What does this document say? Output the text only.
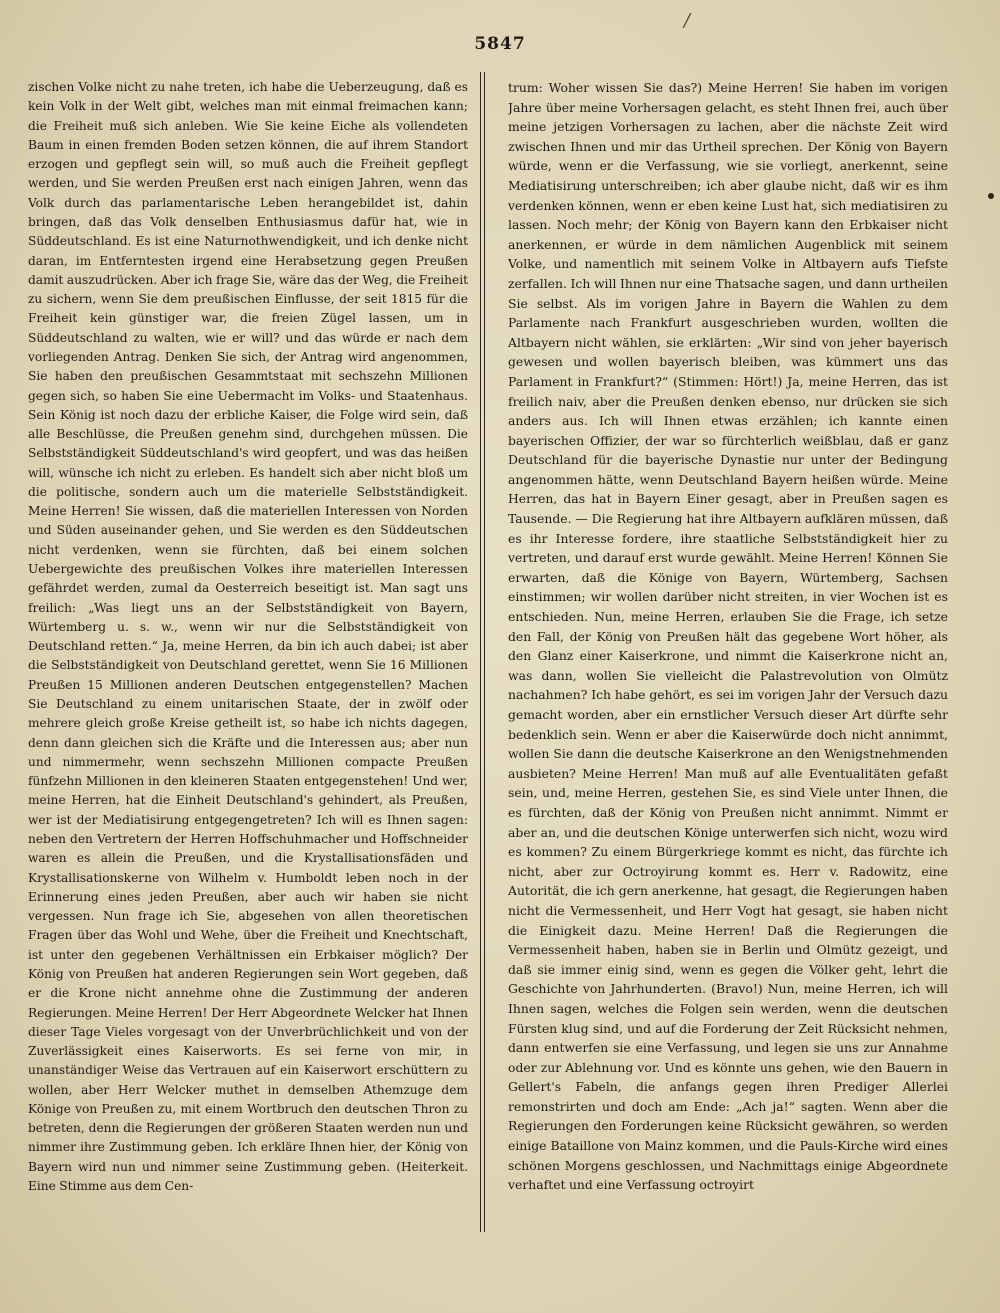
/
5847

zischen Volke nicht zu nahe treten, ich habe die Ueberzeugung, daß es kein Volk in der Welt gibt, welches man mit einmal freimachen kann; die Freiheit muß sich anleben. Wie Sie keine Eiche als vollendeten Baum in einen fremden Boden setzen können, die auf ihrem Standort erzogen und gepflegt sein will, so muß auch die Freiheit gepflegt werden, und Sie werden Preußen erst nach einigen Jahren, wenn das Volk durch das parlamentarische Leben herangebildet ist, dahin bringen, daß das Volk denselben Enthusiasmus dafür hat, wie in Süddeutschland. Es ist eine Naturnothwendigkeit, und ich denke nicht daran, im Entferntesten irgend eine Herabsetzung gegen Preußen damit auszudrücken. Aber ich frage Sie, wäre das der Weg, die Freiheit zu sichern, wenn Sie dem preußischen Einflusse, der seit 1815 für die Freiheit kein günstiger war, die freien Zügel lassen, um in Süddeutschland zu walten, wie er will? und das würde er nach dem vorliegenden Antrag. Denken Sie sich, der Antrag wird angenommen, Sie haben den preußischen Gesammtstaat mit sechszehn Millionen gegen sich, so haben Sie eine Uebermacht im Volks- und Staatenhaus. Sein König ist noch dazu der erbliche Kaiser, die Folge wird sein, daß alle Beschlüsse, die Preußen genehm sind, durchgehen müssen. Die Selbstständigkeit Süddeutschland's wird geopfert, und was das heißen will, wünsche ich nicht zu erleben. Es handelt sich aber nicht bloß um die politische, sondern auch um die materielle Selbstständigkeit. Meine Herren! Sie wissen, daß die materiellen Interessen von Norden und Süden auseinander gehen, und Sie werden es den Süddeutschen nicht verdenken, wenn sie fürchten, daß bei einem solchen Uebergewichte des preußischen Volkes ihre materiellen Interessen gefährdet werden, zumal da Oesterreich beseitigt ist. Man sagt uns freilich: „Was liegt uns an der Selbstständigkeit von Bayern, Würtemberg u. s. w., wenn wir nur die Selbstständigkeit von Deutschland retten.“ Ja, meine Herren, da bin ich auch dabei; ist aber die Selbstständigkeit von Deutschland gerettet, wenn Sie 16 Millionen Preußen 15 Millionen anderen Deutschen entgegenstellen? Machen Sie Deutschland zu einem unitarischen Staate, der in zwölf oder mehrere gleich große Kreise getheilt ist, so habe ich nichts dagegen, denn dann gleichen sich die Kräfte und die Interessen aus; aber nun und nimmermehr, wenn sechszehn Millionen compacte Preußen fünfzehn Millionen in den kleineren Staaten entgegenstehen! Und wer, meine Herren, hat die Einheit Deutschland's gehindert, als Preußen, wer ist der Mediatisirung entgegengetreten? Ich will es Ihnen sagen: neben den Vertretern der Herren Hoffschuhmacher und Hoffschneider waren es allein die Preußen, und die Krystallisationsfäden und Krystallisationskerne von Wilhelm v. Humboldt leben noch in der Erinnerung eines jeden Preußen, aber auch wir haben sie nicht vergessen. Nun frage ich Sie, abgesehen von allen theoretischen Fragen über das Wohl und Wehe, über die Freiheit und Knechtschaft, ist unter den gegebenen Verhältnissen ein Erbkaiser möglich? Der König von Preußen hat anderen Regierungen sein Wort gegeben, daß er die Krone nicht annehme ohne die Zustimmung der anderen Regierungen. Meine Herren! Der Herr Abgeordnete Welcker hat Ihnen dieser Tage Vieles vorgesagt von der Unverbrüchlichkeit und von der Zuverlässigkeit eines Kaiserworts. Es sei ferne von mir, in unanständiger Weise das Vertrauen auf ein Kaiserwort erschüttern zu wollen, aber Herr Welcker muthet in demselben Athemzuge dem Könige von Preußen zu, mit einem Wortbruch den deutschen Thron zu betreten, denn die Regierungen der größeren Staaten werden nun und nimmer ihre Zustimmung geben. Ich erkläre Ihnen hier, der König von Bayern wird nun und nimmer seine Zustimmung geben. (Heiterkeit. Eine Stimme aus dem Cen-

trum: Woher wissen Sie das?) Meine Herren! Sie haben im vorigen Jahre über meine Vorhersagen gelacht, es steht Ihnen frei, auch über meine jetzigen Vorhersagen zu lachen, aber die nächste Zeit wird zwischen Ihnen und mir das Urtheil sprechen. Der König von Bayern würde, wenn er die Verfassung, wie sie vorliegt, anerkennt, seine Mediatisirung unterschreiben; ich aber glaube nicht, daß wir es ihm verdenken können, wenn er eben keine Lust hat, sich mediatisiren zu lassen. Noch mehr; der König von Bayern kann den Erbkaiser nicht anerkennen, er würde in dem nämlichen Augenblick mit seinem Volke, und namentlich mit seinem Volke in Altbayern aufs Tiefste zerfallen. Ich will Ihnen nur eine Thatsache sagen, und dann urtheilen Sie selbst. Als im vorigen Jahre in Bayern die Wahlen zu dem Parlamente nach Frankfurt ausgeschrieben wurden, wollten die Altbayern nicht wählen, sie erklärten: „Wir sind von jeher bayerisch gewesen und wollen bayerisch bleiben, was kümmert uns das Parlament in Frankfurt?“ (Stimmen: Hört!) Ja, meine Herren, das ist freilich naiv, aber die Preußen denken ebenso, nur drücken sie sich anders aus. Ich will Ihnen etwas erzählen; ich kannte einen bayerischen Offizier, der war so fürchterlich weißblau, daß er ganz Deutschland für die bayerische Dynastie nur unter der Bedingung angenommen hätte, wenn Deutschland Bayern heißen würde. Meine Herren, das hat in Bayern Einer gesagt, aber in Preußen sagen es Tausende. — Die Regierung hat ihre Altbayern aufklären müssen, daß es ihr Interesse fordere, ihre staatliche Selbstständigkeit hier zu vertreten, und darauf erst wurde gewählt. Meine Herren! Können Sie erwarten, daß die Könige von Bayern, Würtemberg, Sachsen einstimmen; wir wollen darüber nicht streiten, in vier Wochen ist es entschieden. Nun, meine Herren, erlauben Sie die Frage, ich setze den Fall, der König von Preußen hält das gegebene Wort höher, als den Glanz einer Kaiserkrone, und nimmt die Kaiserkrone nicht an, was dann, wollen Sie vielleicht die Palastrevolution von Olmütz nachahmen? Ich habe gehört, es sei im vorigen Jahr der Versuch dazu gemacht worden, aber ein ernstlicher Versuch dieser Art dürfte sehr bedenklich sein. Wenn er aber die Kaiserwürde doch nicht annimmt, wollen Sie dann die deutsche Kaiserkrone an den Wenigstnehmenden ausbieten? Meine Herren! Man muß auf alle Eventualitäten gefaßt sein, und, meine Herren, gestehen Sie, es sind Viele unter Ihnen, die es fürchten, daß der König von Preußen nicht annimmt. Nimmt er aber an, und die deutschen Könige unterwerfen sich nicht, wozu wird es kommen? Zu einem Bürgerkriege kommt es nicht, das fürchte ich nicht, aber zur Octroyirung kommt es. Herr v. Radowitz, eine Autorität, die ich gern anerkenne, hat gesagt, die Regierungen haben nicht die Vermessenheit, und Herr Vogt hat gesagt, sie haben nicht die Einigkeit dazu. Meine Herren! Daß die Regierungen die Vermessenheit haben, haben sie in Berlin und Olmütz gezeigt, und daß sie immer einig sind, wenn es gegen die Völker geht, lehrt die Geschichte von Jahrhunderten. (Bravo!) Nun, meine Herren, ich will Ihnen sagen, welches die Folgen sein werden, wenn die deutschen Fürsten klug sind, und auf die Forderung der Zeit Rücksicht nehmen, dann entwerfen sie eine Verfassung, und legen sie uns zur Annahme oder zur Ablehnung vor. Und es könnte uns gehen, wie den Bauern in Gellert's Fabeln, die anfangs gegen ihren Prediger Allerlei remonstrirten und doch am Ende: „Ach ja!“ sagten. Wenn aber die Regierungen den Forderungen keine Rücksicht gewähren, so werden einige Bataillone von Mainz kommen, und die Pauls-Kirche wird eines schönen Morgens geschlossen, und Nachmittags einige Abgeordnete verhaftet und eine Verfassung octroyirt
